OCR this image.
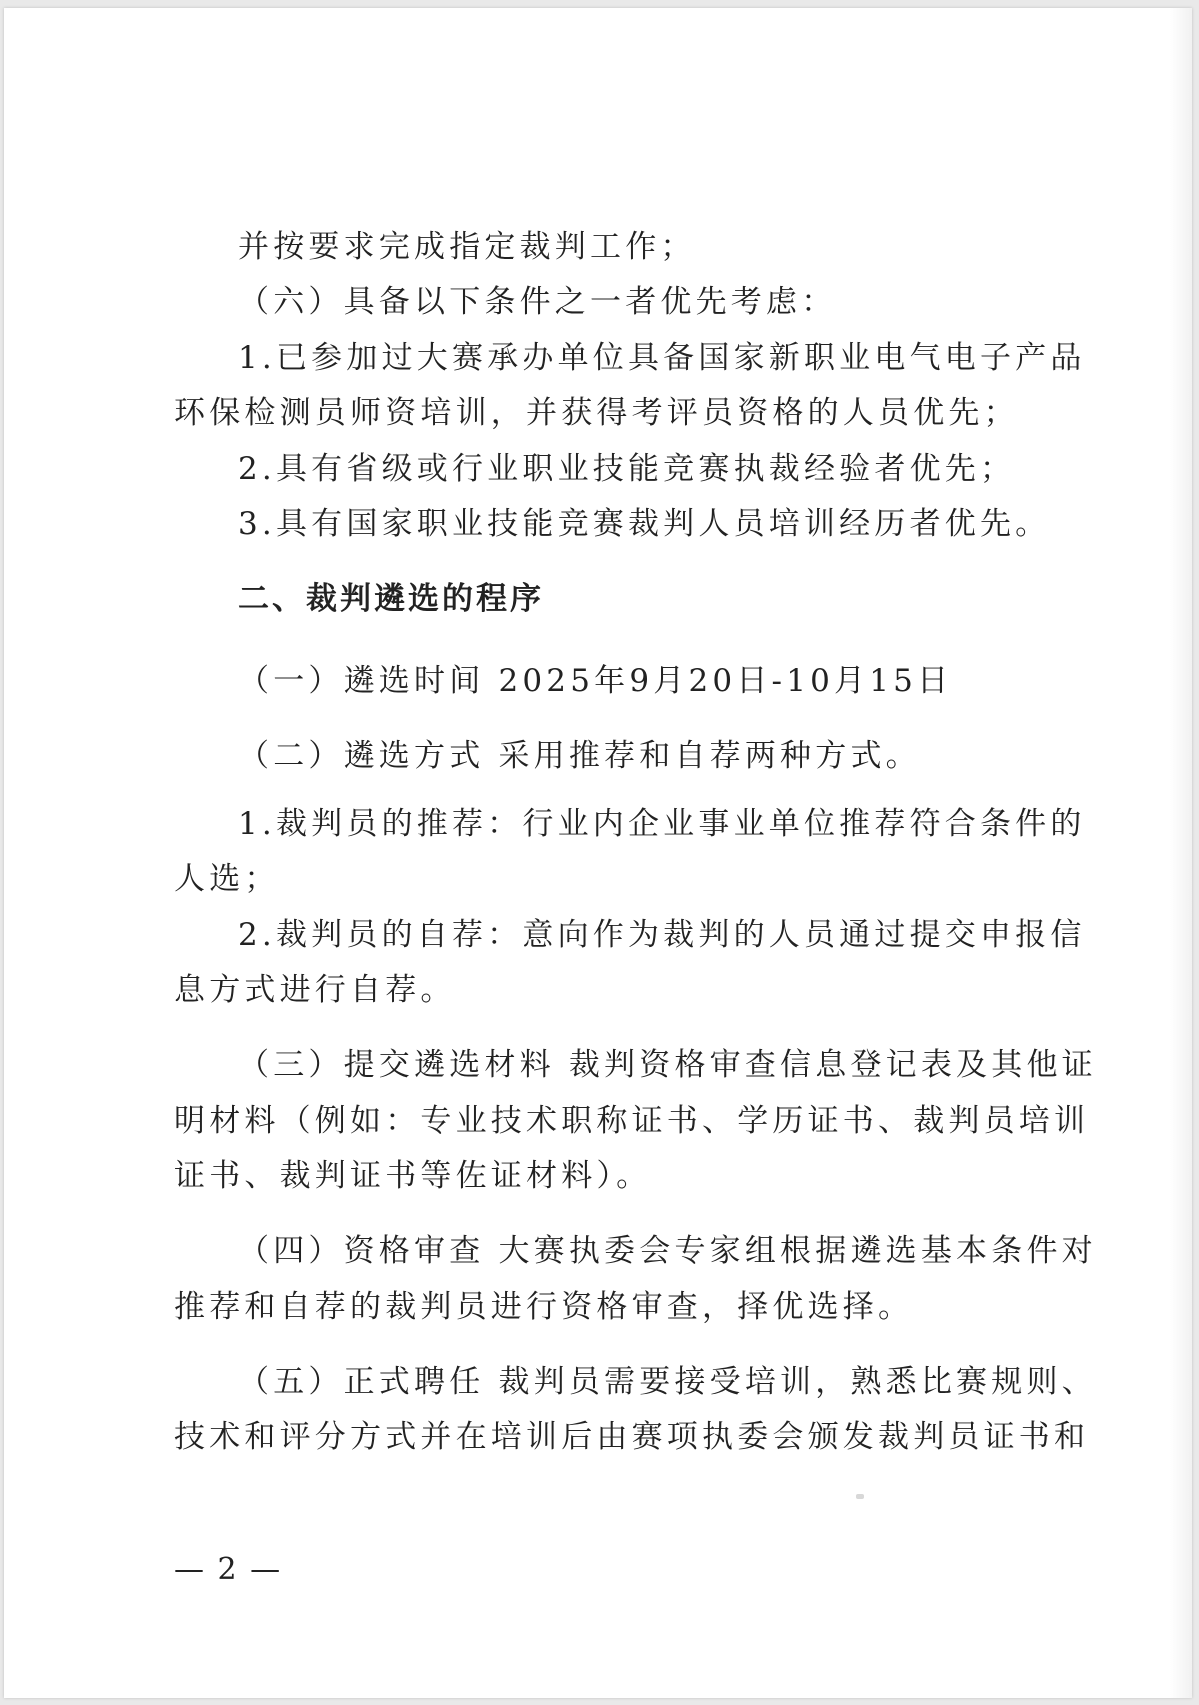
并按要求完成指定裁判工作；
（六）具备以下条件之一者优先考虑：
1.已参加过大赛承办单位具备国家新职业电气电子产品
环保检测员师资培训，并获得考评员资格的人员优先；
2.具有省级或行业职业技能竞赛执裁经验者优先；
3.具有国家职业技能竞赛裁判人员培训经历者优先。
二、裁判遴选的程序
（一）遴选时间 2025年9月20日-10月15日
（二）遴选方式 采用推荐和自荐两种方式。
1.裁判员的推荐：行业内企业事业单位推荐符合条件的
人选；
2.裁判员的自荐：意向作为裁判的人员通过提交申报信
息方式进行自荐。
（三）提交遴选材料 裁判资格审查信息登记表及其他证
明材料（例如：专业技术职称证书、学历证书、裁判员培训
证书、裁判证书等佐证材料）。
（四）资格审查 大赛执委会专家组根据遴选基本条件对
推荐和自荐的裁判员进行资格审查，择优选择。
（五）正式聘任 裁判员需要接受培训，熟悉比赛规则、
技术和评分方式并在培训后由赛项执委会颁发裁判员证书和
— 2 —
